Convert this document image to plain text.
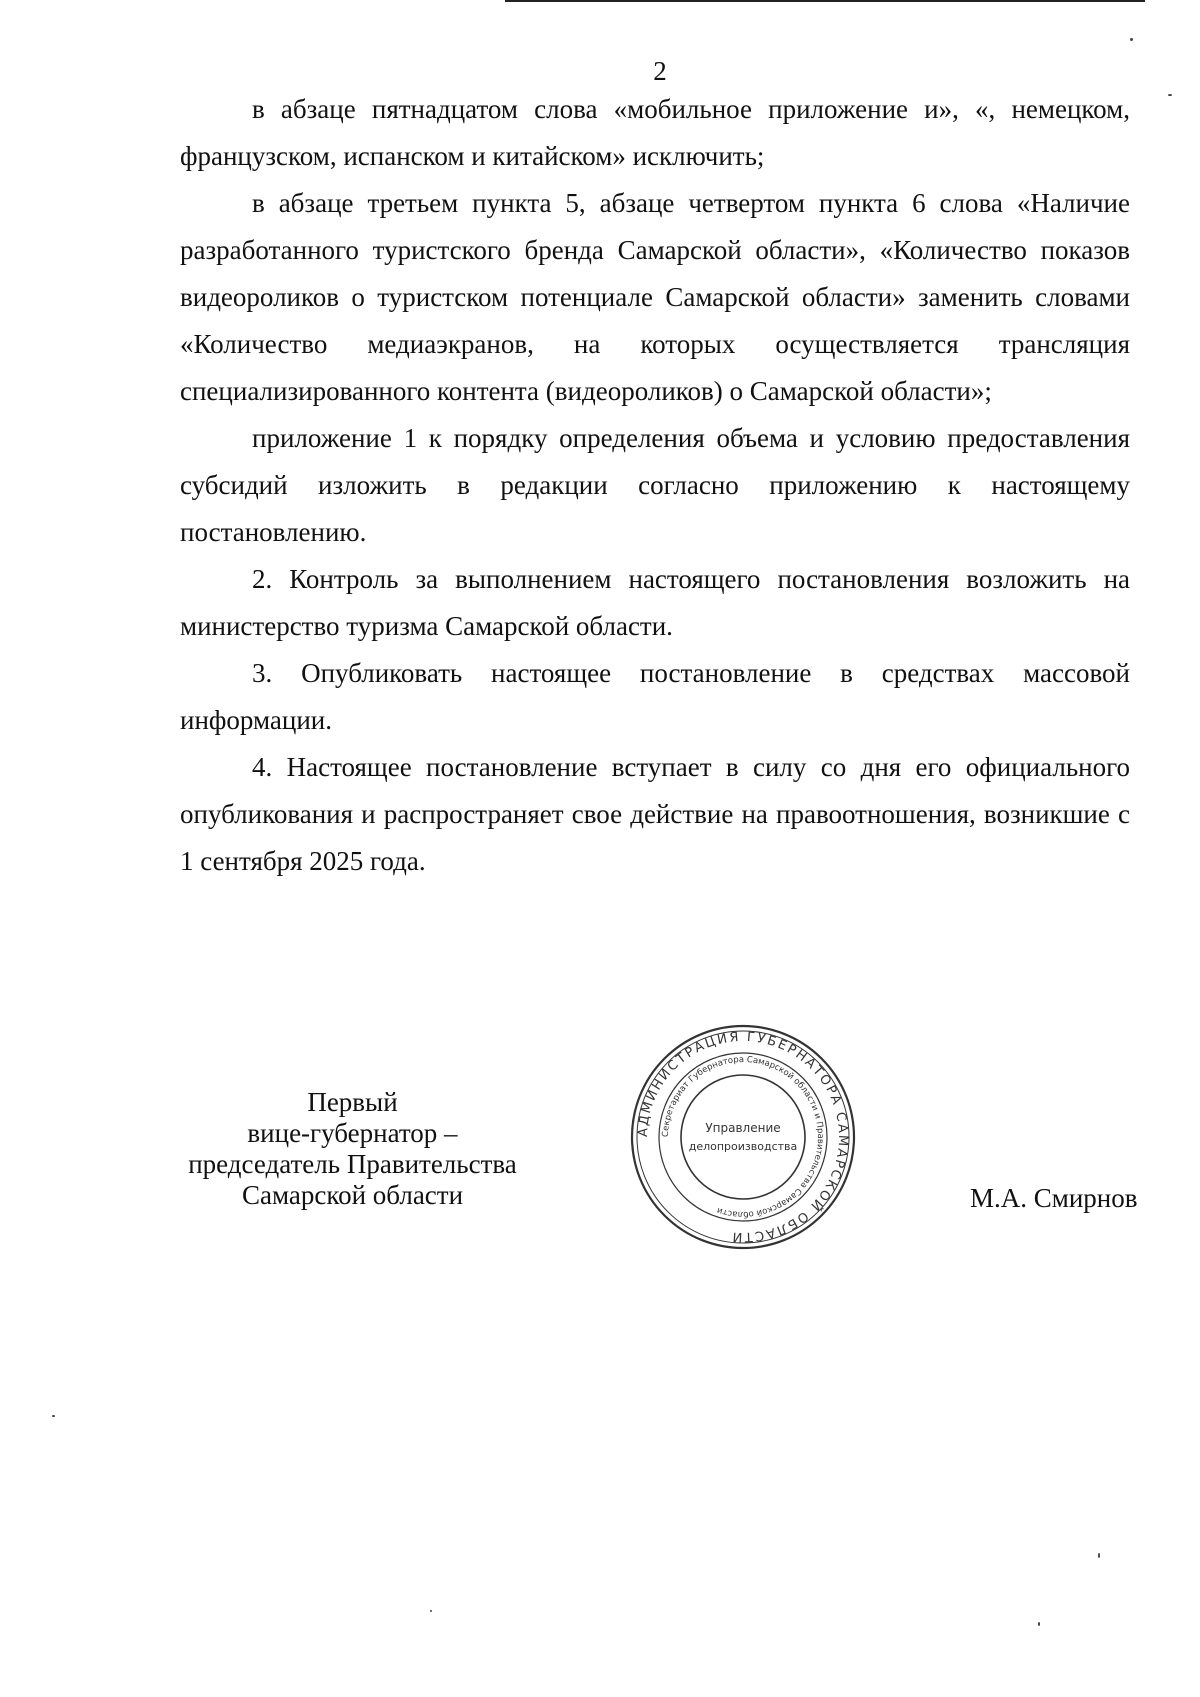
2

в абзаце пятнадцатом слова «мобильное приложение и», «, немецком, французском, испанском и китайском» исключить;

в абзаце третьем пункта 5, абзаце четвертом пункта 6 слова «Наличие разработанного туристского бренда Самарской области», «Количество показов видеороликов о туристском потенциале Самарской области» заменить словами «Количество медиаэкранов, на которых осуществляется трансляция специализированного контента (видеороликов) о Самарской области»;

приложение 1 к порядку определения объема и условию предоставления субсидий изложить в редакции согласно приложению к настоящему постановлению.

2. Контроль за выполнением настоящего постановления возложить на министерство туризма Самарской области.

3. Опубликовать настоящее постановление в средствах массовой информации.

4. Настоящее постановление вступает в силу со дня его официального опубликования и распространяет свое действие на правоотношения, возникшие с 1 сентября 2025 года.

Первый
вице-губернатор –
председатель Правительства
Самарской области
АДМИНИСТРАЦИЯ ГУБЕРНАТОРА САМАРСКОЙ ОБЛАСТИ
Секретариат Губернатора Самарской области и Правительства Самарской области
Управление
делопроизводства
М.А. Смирнов
